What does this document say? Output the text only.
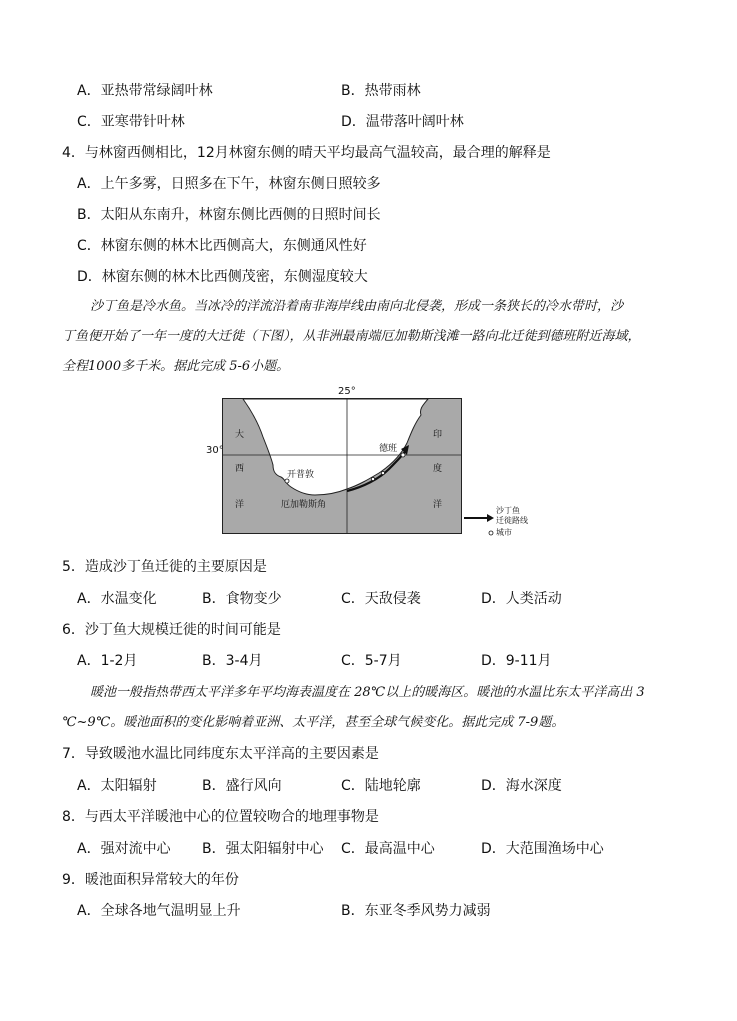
A．亚热带常绿阔叶林	B．热带雨林
C．亚寒带针叶林	D．温带落叶阔叶林
4．与林窗西侧相比，12月林窗东侧的晴天平均最高气温较高，最合理的解释是
A．上午多雾，日照多在下午，林窗东侧日照较多
B．太阳从东南升，林窗东侧比西侧的日照时间长
C．林窗东侧的林木比西侧高大，东侧通风性好
D．林窗东侧的林木比西侧茂密，东侧湿度较大
沙丁鱼是冷水鱼。当冰冷的洋流沿着南非海岸线由南向北侵袭，形成一条狭长的冷水带时，沙
丁鱼便开始了一年一度的大迁徙（下图），从非洲最南端厄加勒斯浅滩一路向北迁徙到德班附近海域，
全程1000多千米。据此完成 5-6小题。
大
西
洋
印
度
洋
开普敦
德班
厄加勒斯角
25°
30°
沙丁鱼
迁徙路线
城市
5．造成沙丁鱼迁徙的主要原因是
A．水温变化	B．食物变少	C．天敌侵袭	D．人类活动
6．沙丁鱼大规模迁徙的时间可能是
A．1-2月	B．3-4月	C．5-7月	D．9-11月
暖池一般指热带西太平洋多年平均海表温度在 28℃以上的暖海区。暖池的水温比东太平洋高出 3
℃~9℃。暖池面积的变化影响着亚洲、太平洋，甚至全球气候变化。据此完成 7-9题。
7．导致暖池水温比同纬度东太平洋高的主要因素是
A．太阳辐射	B．盛行风向	C．陆地轮廓	D．海水深度
8．与西太平洋暖池中心的位置较吻合的地理事物是
A．强对流中心 B．强太阳辐射中心 C．最高温中心	D．大范围渔场中心
9．暖池面积异常较大的年份
A．全球各地气温明显上升	B．东亚冬季风势力减弱
